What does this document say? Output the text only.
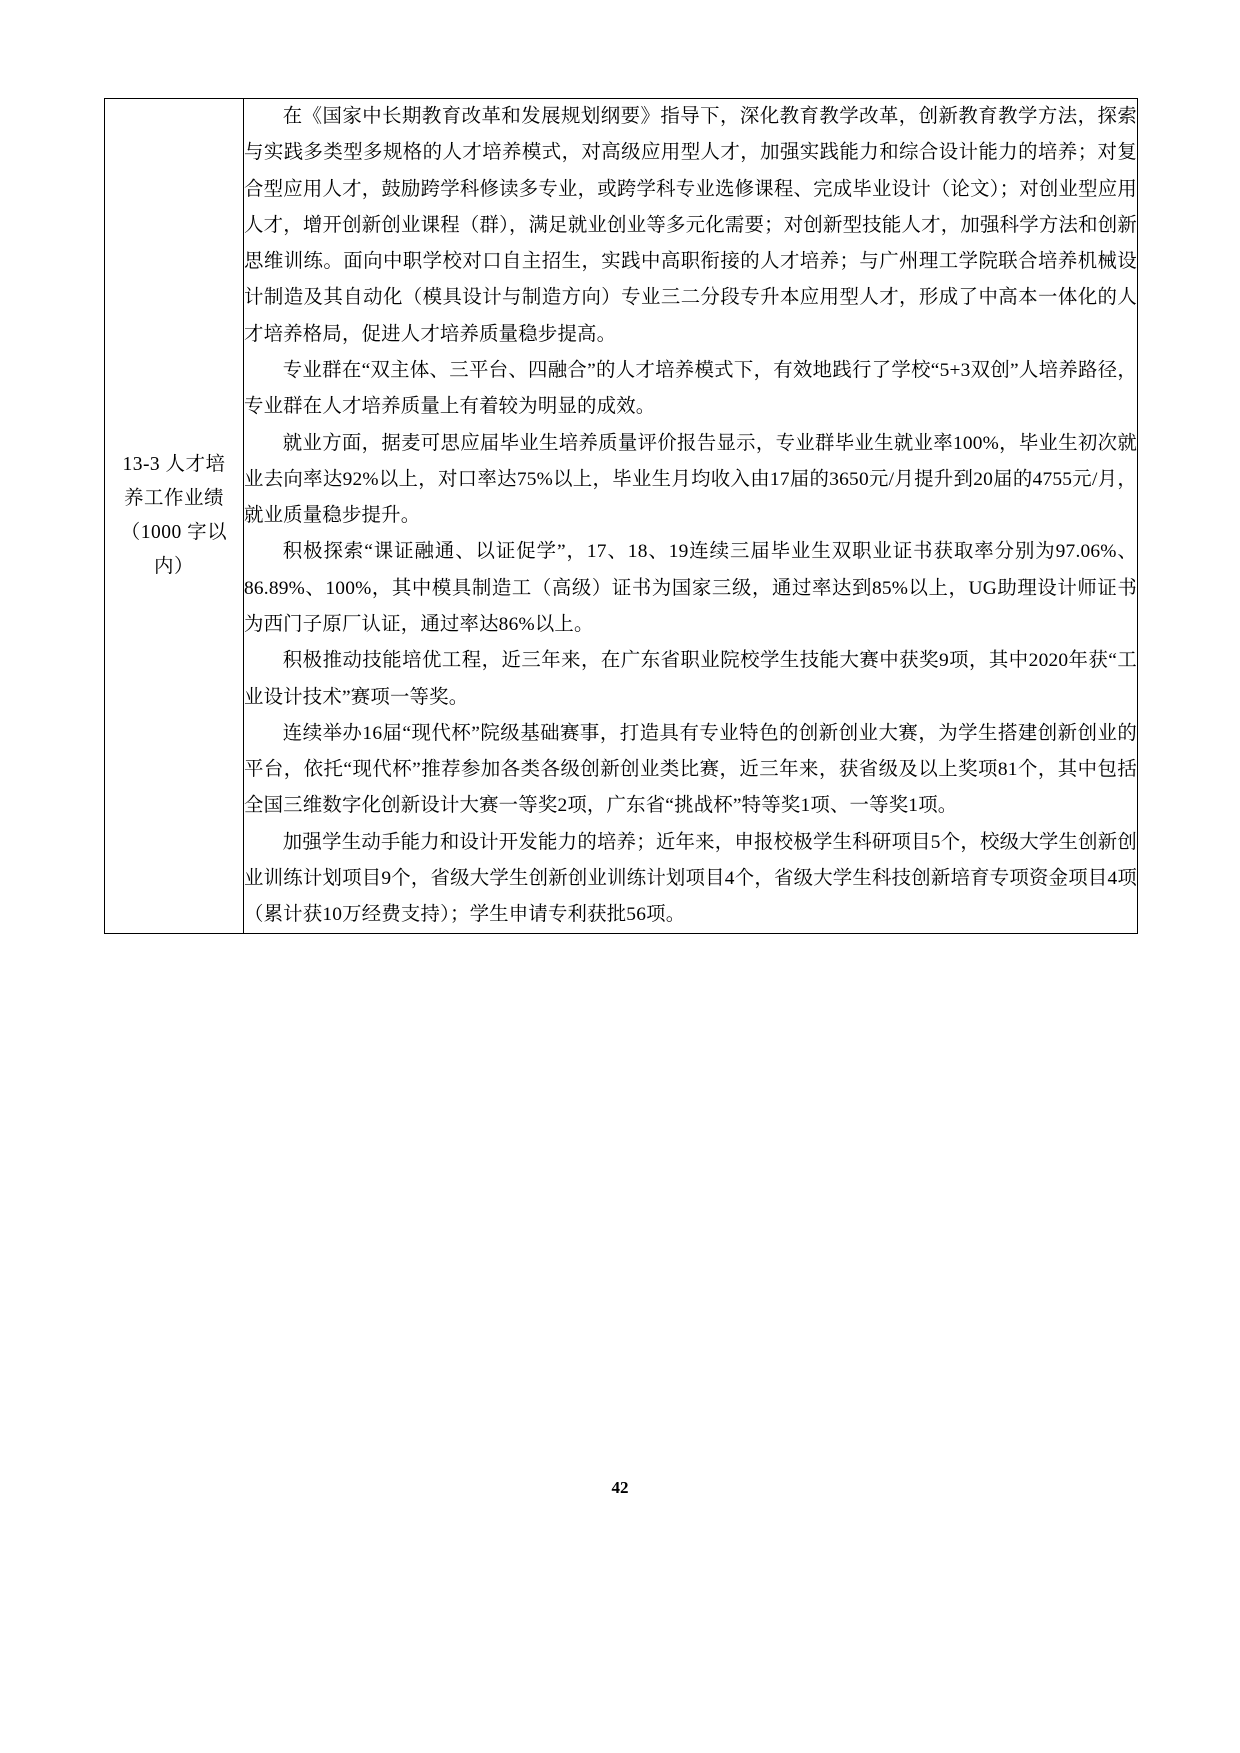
13-3 人才培
养工作业绩
（1000 字以
内）

在《国家中长期教育改革和发展规划纲要》指导下，深化教育教学改革，创新教育教学方法，探索与实践多类型多规格的人才培养模式，对高级应用型人才，加强实践能力和综合设计能力的培养；对复合型应用人才，鼓励跨学科修读多专业，或跨学科专业选修课程、完成毕业设计（论文）；对创业型应用人才，增开创新创业课程（群），满足就业创业等多元化需要；对创新型技能人才，加强科学方法和创新思维训练。面向中职学校对口自主招生，实践中高职衔接的人才培养；与广州理工学院联合培养机械设计制造及其自动化（模具设计与制造方向）专业三二分段专升本应用型人才，形成了中高本一体化的人才培养格局，促进人才培养质量稳步提高。

专业群在“双主体、三平台、四融合”的人才培养模式下，有效地践行了学校“5+3双创”人培养路径，专业群在人才培养质量上有着较为明显的成效。

就业方面，据麦可思应届毕业生培养质量评价报告显示，专业群毕业生就业率100%，毕业生初次就业去向率达92%以上，对口率达75%以上，毕业生月均收入由17届的3650元/月提升到20届的4755元/月，就业质量稳步提升。

积极探索“课证融通、以证促学”，17、18、19连续三届毕业生双职业证书获取率分别为97.06%、86.89%、100%，其中模具制造工（高级）证书为国家三级，通过率达到85%以上，UG助理设计师证书为西门子原厂认证，通过率达86%以上。

积极推动技能培优工程，近三年来，在广东省职业院校学生技能大赛中获奖9项，其中2020年获“工业设计技术”赛项一等奖。

连续举办16届“现代杯”院级基础赛事，打造具有专业特色的创新创业大赛，为学生搭建创新创业的平台，依托“现代杯”推荐参加各类各级创新创业类比赛，近三年来，获省级及以上奖项81个，其中包括全国三维数字化创新设计大赛一等奖2项，广东省“挑战杯”特等奖1项、一等奖1项。

加强学生动手能力和设计开发能力的培养；近年来，申报校极学生科研项目5个，校级大学生创新创业训练计划项目9个，省级大学生创新创业训练计划项目4个，省级大学生科技创新培育专项资金项目4项（累计获10万经费支持）；学生申请专利获批56项。

42
